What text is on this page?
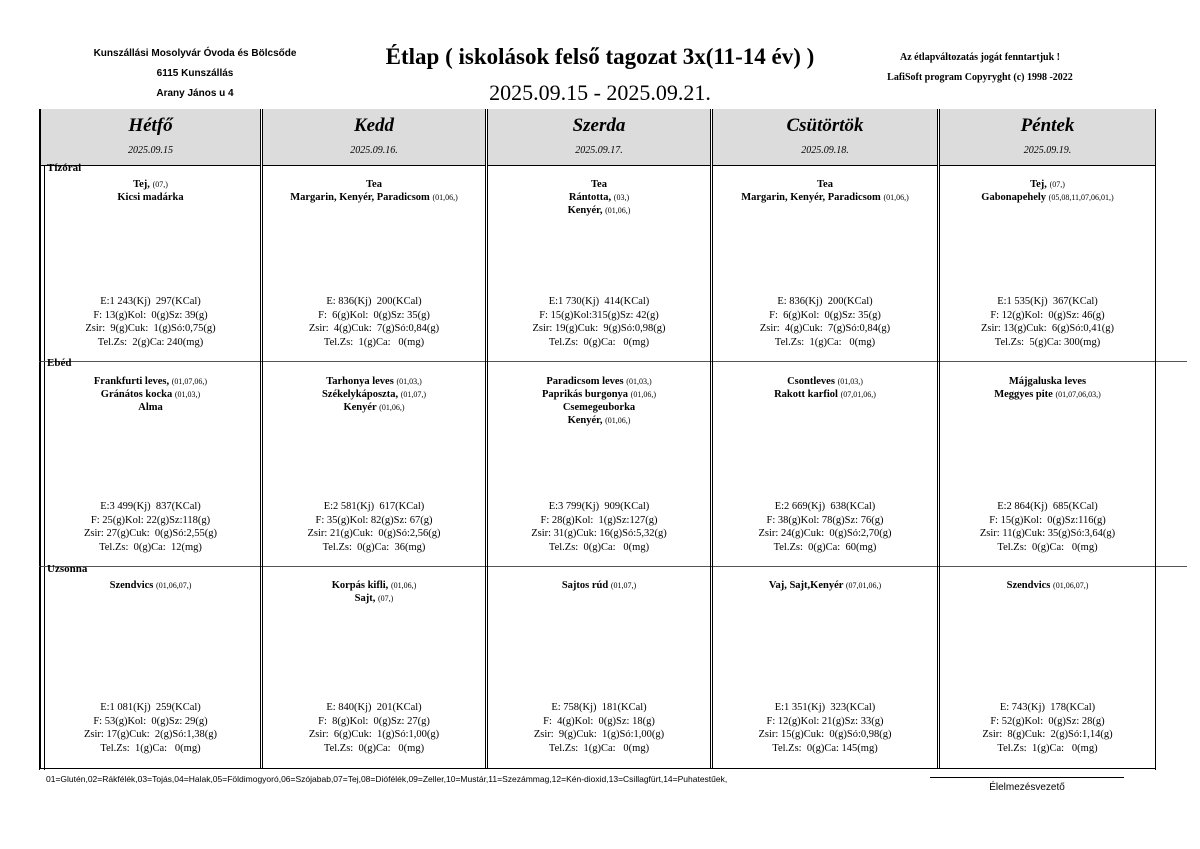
Kunszállási Mosolyvár Óvoda és Bölcsőde
6115 Kunszállás
Arany János u 4
Étlap ( iskolások felső tagozat 3x(11-14 év) )
2025.09.15 - 2025.09.21.
Az étlapváltozatás jogát fenntartjuk !
LafiSoft program Copyryght (c) 1998 -2022
Hétfő
2025.09.15
Tej, (07,)
Kicsi madárka
E:1 243(Kj)  297(KCal)
F: 13(g)Kol:  0(g)Sz: 39(g)
Zsir:  9(g)Cuk:  1(g)Só:0,75(g)
Tel.Zs:  2(g)Ca: 240(mg)
Frankfurti leves, (01,07,06,)
Gránátos kocka (01,03,)
Alma
E:3 499(Kj)  837(KCal)
F: 25(g)Kol: 22(g)Sz:118(g)
Zsir: 27(g)Cuk:  0(g)Só:2,55(g)
Tel.Zs:  0(g)Ca:  12(mg)
Szendvics (01,06,07,)
E:1 081(Kj)  259(KCal)
F: 53(g)Kol:  0(g)Sz: 29(g)
Zsir: 17(g)Cuk:  2(g)Só:1,38(g)
Tel.Zs:  1(g)Ca:   0(mg)
Kedd
2025.09.16.
Tea
Margarin, Kenyér, Paradicsom (01,06,)
E: 836(Kj)  200(KCal)
F:  6(g)Kol:  0(g)Sz: 35(g)
Zsir:  4(g)Cuk:  7(g)Só:0,84(g)
Tel.Zs:  1(g)Ca:   0(mg)
Tarhonya leves (01,03,)
Székelykáposzta, (01,07,)
Kenyér (01,06,)
E:2 581(Kj)  617(KCal)
F: 35(g)Kol: 82(g)Sz: 67(g)
Zsir: 21(g)Cuk:  0(g)Só:2,56(g)
Tel.Zs:  0(g)Ca:  36(mg)
Korpás kifli, (01,06,)
Sajt, (07,)
E: 840(Kj)  201(KCal)
F:  8(g)Kol:  0(g)Sz: 27(g)
Zsir:  6(g)Cuk:  1(g)Só:1,00(g)
Tel.Zs:  0(g)Ca:   0(mg)
Szerda
2025.09.17.
Tea
Rántotta, (03,)
Kenyér, (01,06,)
E:1 730(Kj)  414(KCal)
F: 15(g)Kol:315(g)Sz: 42(g)
Zsir: 19(g)Cuk:  9(g)Só:0,98(g)
Tel.Zs:  0(g)Ca:   0(mg)
Paradicsom leves (01,03,)
Paprikás burgonya (01,06,)
Csemegeuborka
Kenyér, (01,06,)
E:3 799(Kj)  909(KCal)
F: 28(g)Kol:  1(g)Sz:127(g)
Zsir: 31(g)Cuk: 16(g)Só:5,32(g)
Tel.Zs:  0(g)Ca:   0(mg)
Sajtos rúd (01,07,)
E: 758(Kj)  181(KCal)
F:  4(g)Kol:  0(g)Sz: 18(g)
Zsir:  9(g)Cuk:  1(g)Só:1,00(g)
Tel.Zs:  1(g)Ca:   0(mg)
Csütörtök
2025.09.18.
Tea
Margarin, Kenyér, Paradicsom (01,06,)
E: 836(Kj)  200(KCal)
F:  6(g)Kol:  0(g)Sz: 35(g)
Zsir:  4(g)Cuk:  7(g)Só:0,84(g)
Tel.Zs:  1(g)Ca:   0(mg)
Csontleves (01,03,)
Rakott karfiol (07,01,06,)
E:2 669(Kj)  638(KCal)
F: 38(g)Kol: 78(g)Sz: 76(g)
Zsir: 24(g)Cuk:  0(g)Só:2,70(g)
Tel.Zs:  0(g)Ca:  60(mg)
Vaj, Sajt,Kenyér (07,01,06,)
E:1 351(Kj)  323(KCal)
F: 12(g)Kol: 21(g)Sz: 33(g)
Zsir: 15(g)Cuk:  0(g)Só:0,98(g)
Tel.Zs:  0(g)Ca: 145(mg)
Péntek
2025.09.19.
Tej, (07,)
Gabonapehely (05,08,11,07,06,01,)
E:1 535(Kj)  367(KCal)
F: 12(g)Kol:  0(g)Sz: 46(g)
Zsir: 13(g)Cuk:  6(g)Só:0,41(g)
Tel.Zs:  5(g)Ca: 300(mg)
Májgaluska leves
Meggyes pite (01,07,06,03,)
E:2 864(Kj)  685(KCal)
F: 15(g)Kol:  0(g)Sz:116(g)
Zsir: 11(g)Cuk: 35(g)Só:3,64(g)
Tel.Zs:  0(g)Ca:   0(mg)
Szendvics (01,06,07,)
E: 743(Kj)  178(KCal)
F: 52(g)Kol:  0(g)Sz: 28(g)
Zsir:  8(g)Cuk:  2(g)Só:1,14(g)
Tel.Zs:  1(g)Ca:   0(mg)
Tízórai
Ebéd
Uzsonna
01=Glutén,02=Rákfélék,03=Tojás,04=Halak,05=Földimogyoró,06=Szójabab,07=Tej,08=Diófélék,09=Zeller,10=Mustár,11=Szezámmag,12=Kén-dioxid,13=Csillagfürt,14=Puhatestűek,
Élelmezésvezető
